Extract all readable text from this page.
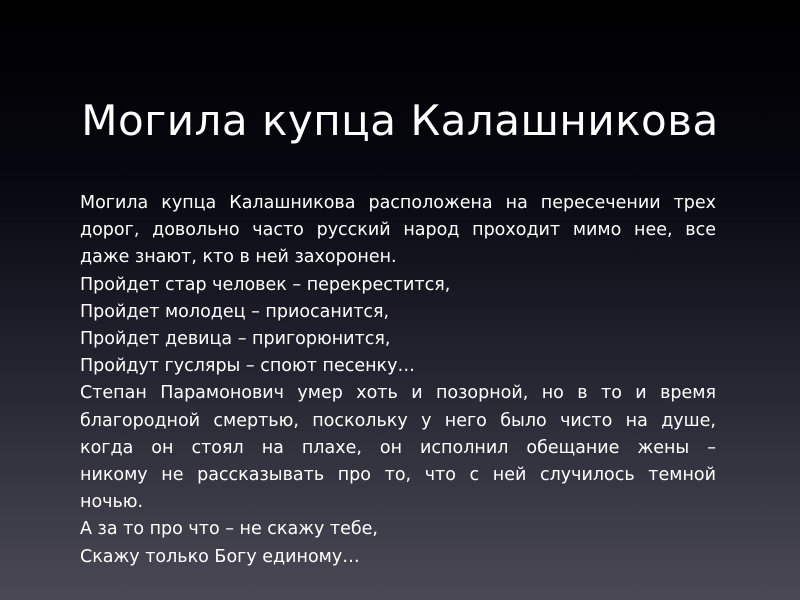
Могила купца Калашникова
Могила купца Калашникова расположена на пересечении трех
дорог, довольно часто русский народ проходит мимо нее, все
даже знают, кто в ней захоронен.
Пройдет стар человек – перекрестится,
Пройдет молодец – приосанится,
Пройдет девица – пригорюнится,
Пройдут гусляры – споют песенку…
Степан Парамонович умер хоть и позорной, но в то и время
благородной смертью, поскольку у него было чисто на душе,
когда он стоял на плахе, он исполнил обещание жены –
никому не рассказывать про то, что с ней случилось темной
ночью.
А за то про что – не скажу тебе,
Скажу только Богу единому…
